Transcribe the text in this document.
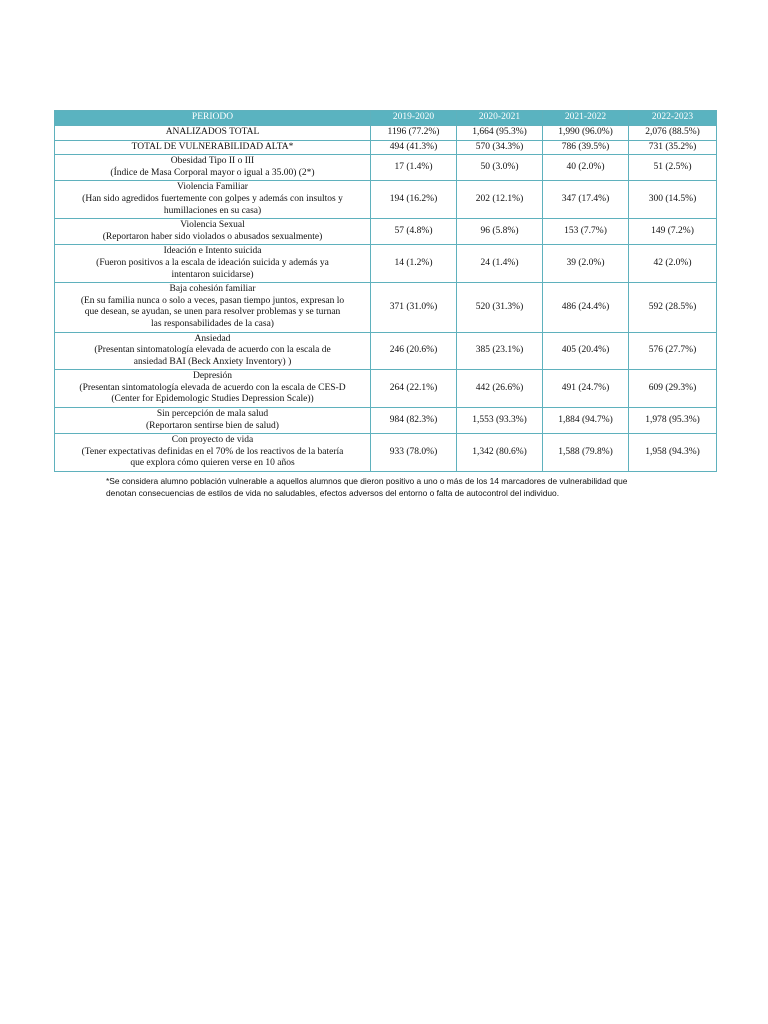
PERIODO	2019-2020	2020-2021	2021-2022	2022-2023

ANALIZADOS TOTAL	1196 (77.2%)	1,664 (95.3%)	1,990 (96.0%)	2,076 (88.5%)

TOTAL DE VULNERABILIDAD ALTA*	494 (41.3%)	570 (34.3%)	786 (39.5%)	731 (35.2%)

Obesidad Tipo II o III
(Índice de Masa Corporal mayor o igual a 35.00) (2*)	17 (1.4%)	50 (3.0%)	40 (2.0%)	51 (2.5%)

Violencia Familiar
(Han sido agredidos fuertemente con golpes y además con insultos y
humillaciones en su casa)	194 (16.2%)	202 (12.1%)	347 (17.4%)	300 (14.5%)

Violencia Sexual
(Reportaron haber sido violados o abusados sexualmente)	57 (4.8%)	96 (5.8%)	153 (7.7%)	149 (7.2%)

Ideación e Intento suicida
(Fueron positivos a la escala de ideación suicida y además ya
intentaron suicidarse)	14 (1.2%)	24 (1.4%)	39 (2.0%)	42 (2.0%)

Baja cohesión familiar
(En su familia nunca o solo a veces, pasan tiempo juntos, expresan lo
que desean, se ayudan, se unen para resolver problemas y se turnan
las responsabilidades de la casa)	371 (31.0%)	520 (31.3%)	486 (24.4%)	592 (28.5%)

Ansiedad
(Presentan sintomatología elevada de acuerdo con la escala de
ansiedad BAI (Beck Anxiety Inventory) )	246 (20.6%)	385 (23.1%)	405 (20.4%)	576 (27.7%)

Depresión
(Presentan sintomatología elevada de acuerdo con la escala de CES-D
(Center for Epidemologic Studies Depression Scale))	264 (22.1%)	442 (26.6%)	491 (24.7%)	609 (29.3%)

Sin percepción de mala salud
(Reportaron sentirse bien de salud)	984 (82.3%)	1,553 (93.3%)	1,884 (94.7%)	1,978 (95.3%)

Con proyecto de vida
(Tener expectativas definidas en el 70% de los reactivos de la batería
que explora cómo quieren verse en 10 años	933 (78.0%)	1,342 (80.6%)	1,588 (79.8%)	1,958 (94.3%)
*Se considera alumno población vulnerable a aquellos alumnos que dieron positivo a uno o más de los 14 marcadores de vulnerabilidad que
denotan consecuencias de estilos de vida no saludables, efectos adversos del entorno o falta de autocontrol del individuo.
